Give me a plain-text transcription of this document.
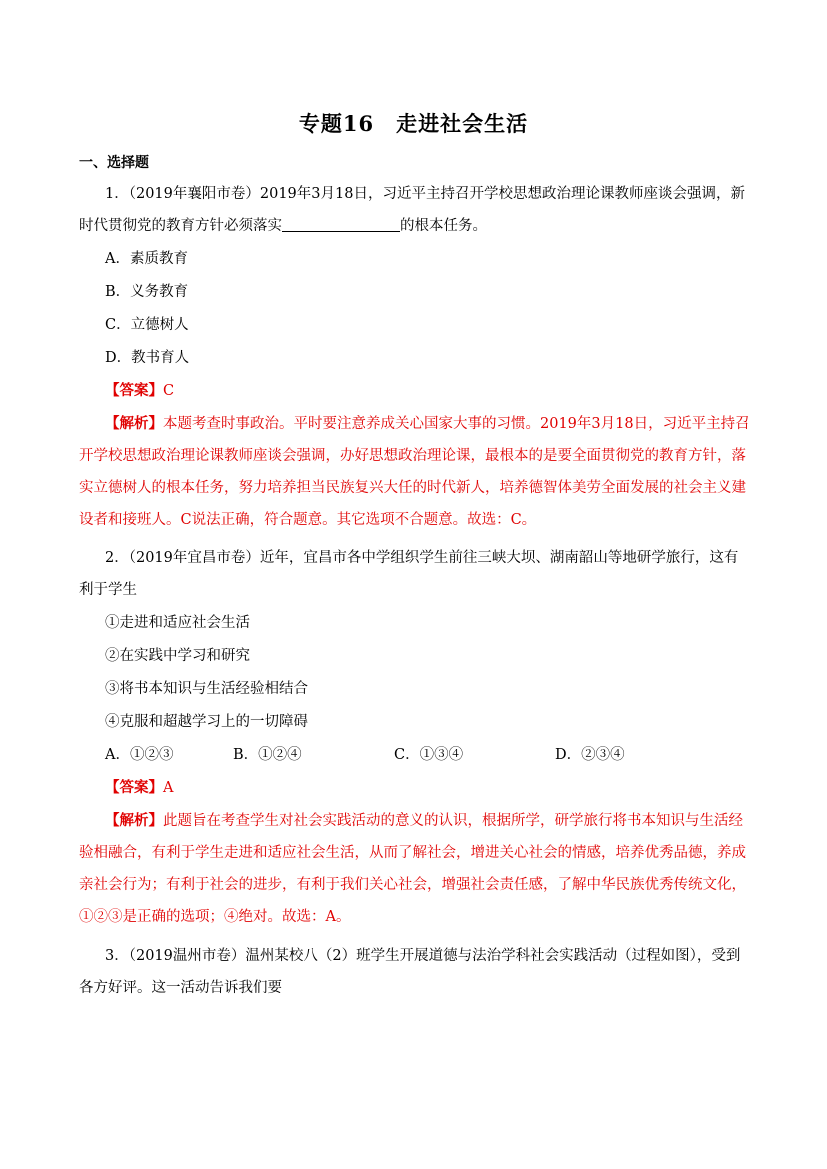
专题16　走进社会生活
一、选择题
1．（2019年襄阳市卷）2019年3月18日，习近平主持召开学校思想政治理论课教师座谈会强调，新时代贯彻党的教育方针必须落实	的根本任务。
A．素质教育
B．义务教育
C．立德树人
D．教书育人
【答案】C
【解析】本题考查时事政治。平时要注意养成关心国家大事的习惯。2019年3月18日，习近平主持召开学校思想政治理论课教师座谈会强调，办好思想政治理论课，最根本的是要全面贯彻党的教育方针，落实立德树人的根本任务，努力培养担当民族复兴大任的时代新人，培养德智体美劳全面发展的社会主义建设者和接班人。C说法正确，符合题意。其它选项不合题意。故选：C。
2．（2019年宜昌市卷）近年，宜昌市各中学组织学生前往三峡大坝、湖南韶山等地研学旅行，这有利于学生
①走进和适应社会生活
②在实践中学习和研究
③将书本知识与生活经验相结合
④克服和超越学习上的一切障碍
A．①②③	B．①②④	C．①③④	D．②③④
【答案】A
【解析】此题旨在考查学生对社会实践活动的意义的认识，根据所学，研学旅行将书本知识与生活经验相融合，有利于学生走进和适应社会生活，从而了解社会，增进关心社会的情感，培养优秀品德，养成亲社会行为；有利于社会的进步，有利于我们关心社会，增强社会责任感，了解中华民族优秀传统文化，①②③是正确的选项；④绝对。故选：A。
3．（2019温州市卷）温州某校八（2）班学生开展道德与法治学科社会实践活动（过程如图），受到各方好评。这一活动告诉我们要
